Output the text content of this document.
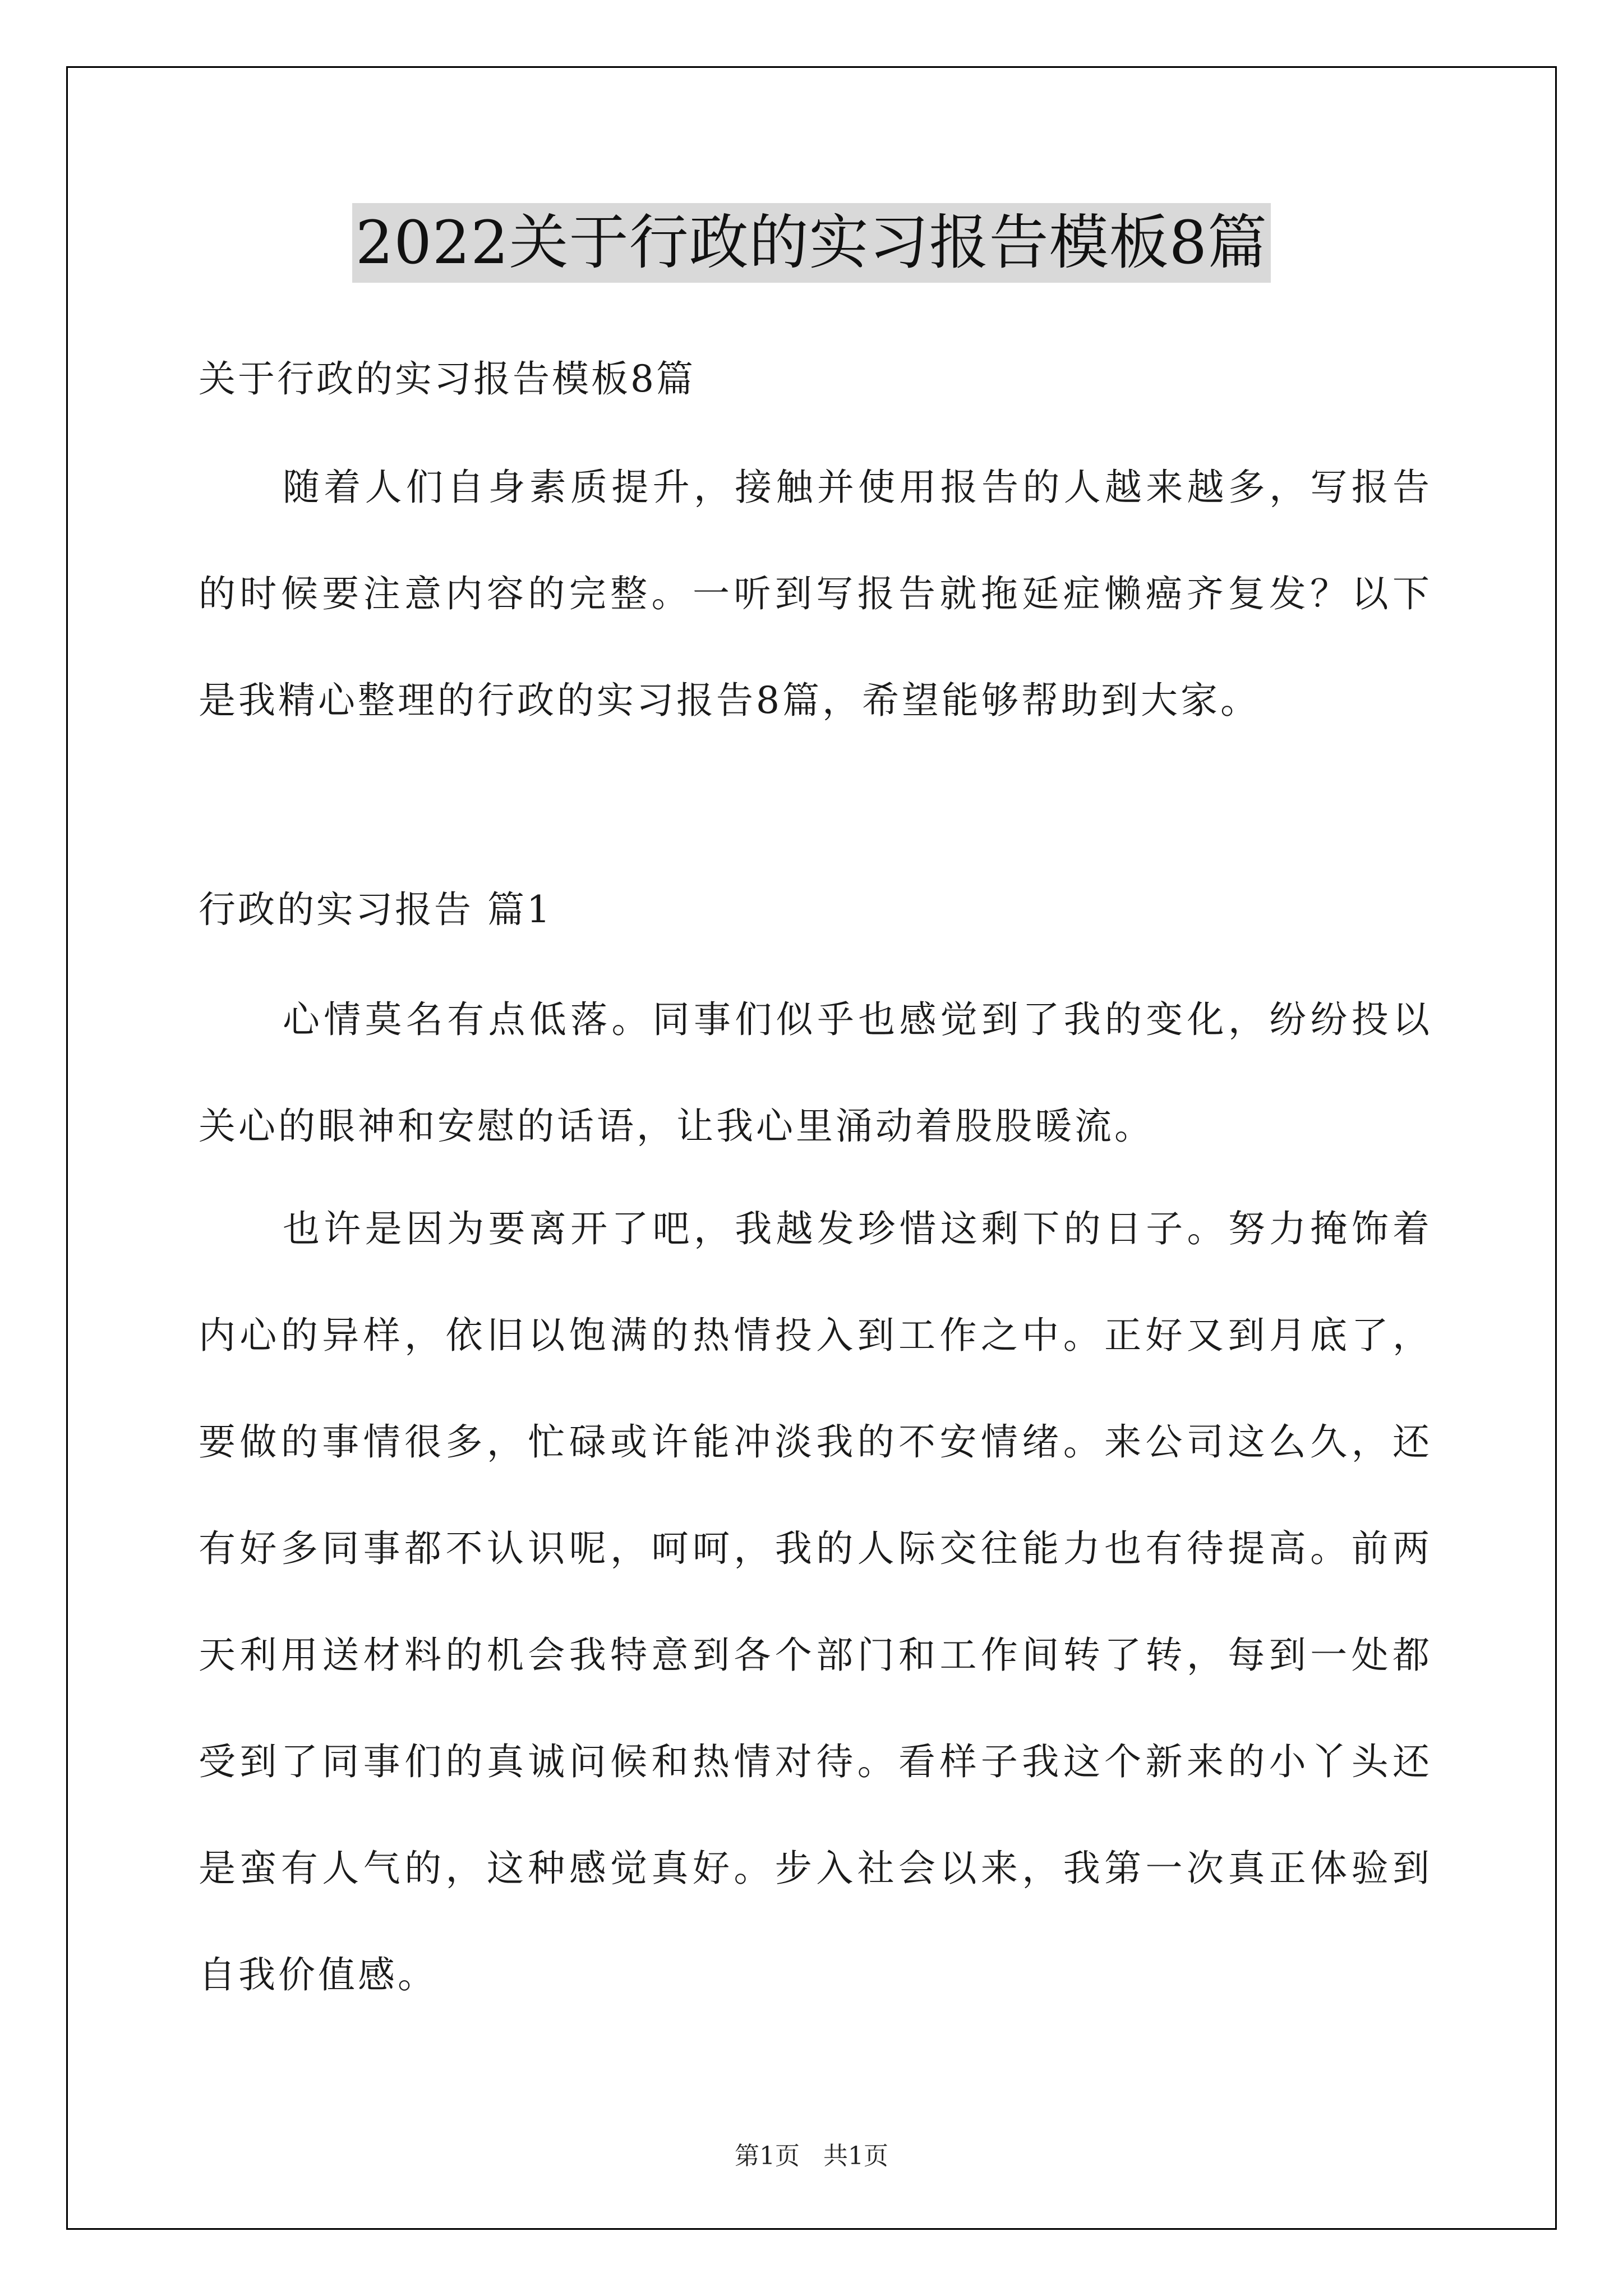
2022关于行政的实习报告模板8篇

关于行政的实习报告模板8篇

随着人们自身素质提升，接触并使用报告的人越来越多，写报告的时候要注意内容的完整。一听到写报告就拖延症懒癌齐复发？以下是我精心整理的行政的实习报告8篇，希望能够帮助到大家。

行政的实习报告 篇1

心情莫名有点低落。同事们似乎也感觉到了我的变化，纷纷投以关心的眼神和安慰的话语，让我心里涌动着股股暖流。

也许是因为要离开了吧，我越发珍惜这剩下的日子。努力掩饰着内心的异样，依旧以饱满的热情投入到工作之中。正好又到月底了，要做的事情很多，忙碌或许能冲淡我的不安情绪。来公司这么久，还有好多同事都不认识呢，呵呵，我的人际交往能力也有待提高。前两天利用送材料的机会我特意到各个部门和工作间转了转，每到一处都受到了同事们的真诚问候和热情对待。看样子我这个新来的小丫头还是蛮有人气的，这种感觉真好。步入社会以来，我第一次真正体验到自我价值感。

第1页 共1页
